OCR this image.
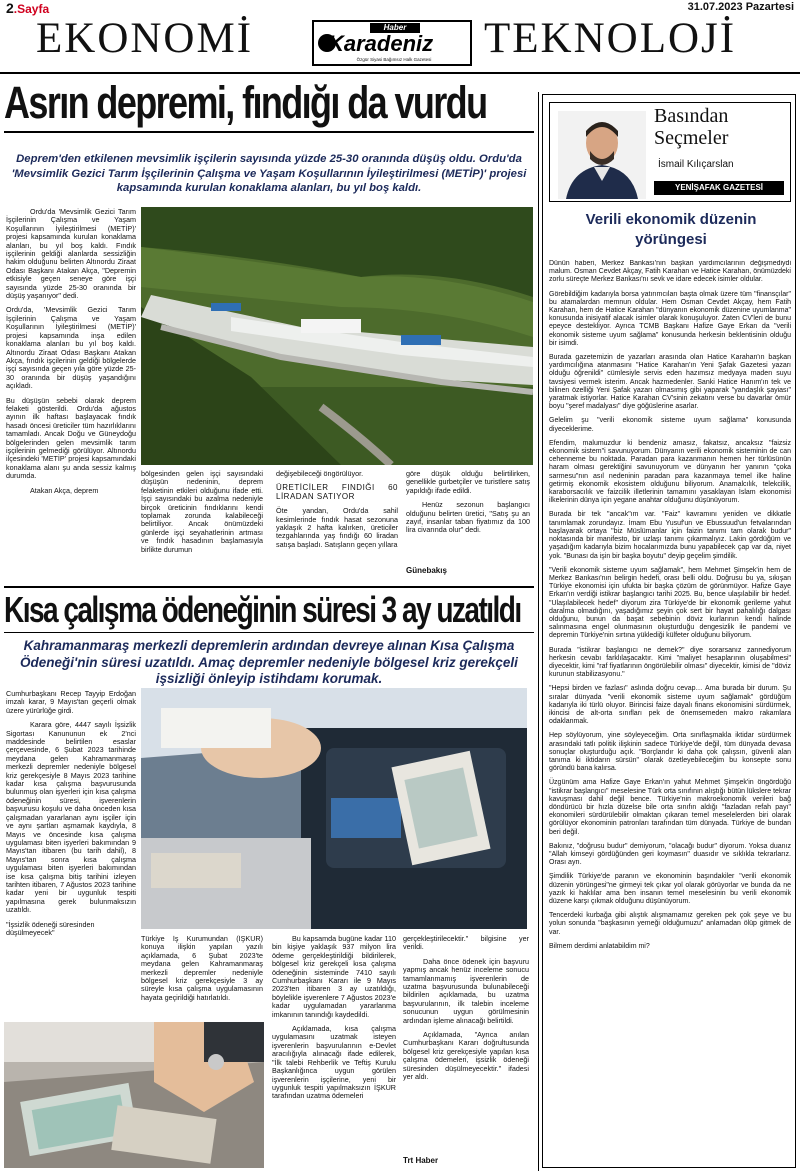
2.Sayfa	31.07.2023 Pazartesi
EKONOMİ	TEKNOLOJİ
Haber
Karadeniz
Özgür Siyasi Bağımsız Halk Gazetesi
Asrın depremi, fındığı da vurdu
Deprem'den etkilenen mevsimlik işçilerin sayısında yüzde 25-30 oranında düşüş oldu. Ordu'da 'Mevsimlik Gezici Tarım İşçilerinin Çalışma ve Yaşam Koşullarının İyileştirilmesi (METİP)' projesi kapsamında kurulan konaklama alanları, bu yıl boş kaldı.

Ordu'da 'Mevsimlik Gezici Tarım İşçilerinin Çalışma ve Yaşam Koşullarının İyileştirilmesi (METİP)' projesi kapsamında kurulan konaklama alanları, bu yıl boş kaldı. Fındık işçilerinin geldiği alanlarda sessizliğin hakim olduğunu belirten Altınordu Ziraat Odası Başkanı Atakan Akça, "Depremin etkisiyle geçen seneye göre işçi sayısında yüzde 25-30 oranında bir düşüş yaşanıyor" dedi.

Ordu'da, 'Mevsimlik Gezici Tarım İşçilerinin Çalışma ve Yaşam Koşullarının İyileştirilmesi (METİP)' projesi kapsamında inşa edilen konaklama alanları bu yıl boş kaldı. Altınordu Ziraat Odası Başkanı Atakan Akça, fındık işçilerinin geldiği bölgelerde işçi sayısında geçen yıla göre yüzde 25-30 oranında bir düşüş yaşandığını açıkladı.

Bu düşüşün sebebi olarak deprem felaketi gösterildi. Ordu'da ağustos ayının ilk haftası başlayacak fındık hasadı öncesi üreticiler tüm hazırlıklarını tamamladı. Ancak Doğu ve Güneydoğu bölgelerinden gelen mevsimlik tarım işçilerinin gelmediği görülüyor. Altınordu ilçesindeki 'METİP' projesi kapsamındaki konaklama alanı şu anda sessiz kalmış durumda.

Atakan Akça, deprem

bölgesinden gelen işçi sayısındaki düşüşün nedeninin, deprem felaketinin etkileri olduğunu ifade etti. İşçi sayısındaki bu azalma nedeniyle birçok üreticinin fındıklarını kendi toplamak zorunda kalabileceği belirtiliyor. Ancak önümüzdeki günlerde işçi seyahatlerinin artması ve fındık hasadının başlamasıyla birlikte durumun

değişebileceği öngörülüyor.

ÜRETİCİLER FINDIĞI 60 LİRADAN SATIYOR

Öte yandan, Ordu'da sahil kesimlerinde fındık hasat sezonuna yaklaşık 2 hafta kalırken, üreticiler tezgahlarında yaş fındığı 60 liradan satışa başladı. Satışların geçen yıllara

göre düşük olduğu belirtilirken, genellikle gurbetçiler ve turistlere satış yapıldığı ifade edildi.

Henüz sezonun başlangıcı olduğunu belirten üretici, "Satış şu an zayıf, insanlar taban fiyatımız da 100 lira civarında olur" dedi.

Günebakış
Kısa çalışma ödeneğinin süresi 3 ay uzatıldı
Kahramanmaraş merkezli depremlerin ardından devreye alınan Kısa Çalışma Ödeneği'nin süresi uzatıldı. Amaç depremler nedeniyle bölgesel kriz gerekçeli işsizliği önleyip istihdamı korumak.

Cumhurbaşkanı Recep Tayyip Erdoğan imzalı karar, 9 Mayıs'tan geçerli olmak üzere yürürlüğe girdi.

Karara göre, 4447 sayılı İşsizlik Sigortası Kanununun ek 2'nci maddesinde belirtilen esaslar çerçevesinde, 6 Şubat 2023 tarihinde meydana gelen Kahramanmaraş merkezli depremler nedeniyle bölgesel kriz gerekçesiyle 8 Mayıs 2023 tarihine kadar kısa çalışma başvurusunda bulunmuş olan işyerleri için kısa çalışma ödeneğinin süresi, işverenlerin başvurusu koşulu ve daha önceden kısa çalışmadan yararlanan aynı işçiler için ve aynı şartları aşmamak kaydıyla, 8 Mayıs ve öncesinde kısa çalışma uygulaması biten işyerleri bakımından 9 Mayıs'tan itibaren (bu tarih dahil), 8 Mayıs'tan sonra kısa çalışma uygulaması biten işyerleri bakımından ise kısa çalışma bitiş tarihini izleyen tarihten itibaren, 7 Ağustos 2023 tarihine kadar yeni bir uygunluk tespiti yapılmasına gerek bulunmaksızın uzatıldı.

"İşsizlik ödeneği süresinden düşülmeyecek"

Türkiye İş Kurumundan (İŞKUR) konuya ilişkin yapılan yazılı açıklamada, 6 Şubat 2023'te meydana gelen Kahramanmaraş merkezli depremler nedeniyle bölgesel kriz gerekçesiyle 3 ay süreyle kısa çalışma uygulamasının hayata geçirildiği hatırlatıldı.

Bu kapsamda bugüne kadar 110 bin kişiye yaklaşık 937 milyon lira ödeme gerçekleştirildiği bildirilerek, bölgesel kriz gerekçeli kısa çalışma ödeneğinin sisteminde 7410 sayılı Cumhurbaşkanı Kararı ile 9 Mayıs 2023'ten itibaren 3 ay uzatıldığı, böylelikle işverenlere 7 Ağustos 2023'e kadar uygulamadan yararlanma imkanının tanındığı kaydedildi.

Açıklamada, kısa çalışma uygulamasını uzatmak isteyen işverenlerin başvurularının e-Devlet aracılığıyla alınacağı ifade edilerek, "İlk talebi Rehberlik ve Teftiş Kurulu Başkanlığınca uygun görülen işverenlerin işçilerine, yeni bir uygunluk tespiti yapılmaksızın İŞKUR tarafından uzatma ödemeleri

gerçekleştirilecektir." bilgisine yer verildi.

Daha önce ödenek için başvuru yapmış ancak henüz inceleme sonucu tamamlanmamış işverenlerin de uzatma başvurusunda bulunabileceği bildirilen açıklamada, bu uzatma başvurularının, ilk talebin inceleme sonucunun uygun görülmesinin ardından işleme alınacağı belirtildi.

Açıklamada, "Ayrıca anılan Cumhurbaşkanı Kararı doğrultusunda bölgesel kriz gerekçesiyle yapılan kısa çalışma ödemeleri, işsizlik ödeneği süresinden düşülmeyecektir." ifadesi yer aldı.

Trt Haber
Basından
Seçmeler
İsmail Kılıçarslan
YENİŞAFAK GAZETESİ
Verili ekonomik düzenin yörüngesi

Dünün haberi, Merkez Bankası'nın başkan yardımcılarının değişmediydi malum. Osman Cevdet Akçay, Fatih Karahan ve Hatice Karahan, önümüzdeki zorlu süreçte Merkez Bankası'nı sevk ve idare edecek isimler oldular.

Görebildiğim kadarıyla borsa yatırımcıları başta olmak üzere tüm "finansçılar" bu atamalardan memnun oldular. Hem Osman Cevdet Akçay, hem Fatih Karahan, hem de Hatice Karahan "dünyanın ekonomik düzenine uyumlanma" konusunda inisiyatif alacak isimler olarak konuşuluyor. Zaten CV'leri de bunu epeyce destekliyor. Ayrıca TCMB Başkanı Hafize Gaye Erkan da "verili ekonomik sisteme uyum sağlama" konusunda herkesin beklentisinin olduğu bir isimdi.

Burada gazetemizin de yazarları arasında olan Hatice Karahan'ın başkan yardımcılığına atanmasını "Hatice Karahan'ın Yeni Şafak Gazetesi yazarı olduğu öğrenildi" cümlesiyle servis eden hazımsız medyaya maden suyu tavsiyesi vermek isterim. Ancak hazmedenler. Sanki Hatice Hanım'ın tek ve bilinen özelliği Yeni Şafak yazarı olmasımış gibi yaparak "yandaşlık şayiası" yaratmak istiyorlar. Hatice Karahan CV'sinin zekatını verse bu davarlar ömür boyu "şeref madalyası" diye göğüslerine asarlar.

Gelelim şu "verili ekonomik sisteme uyum sağlama" konusunda diyeceklerime.

Efendim, malumuzdur ki bendeniz amasız, fakatsız, ancaksız "faizsiz ekonomik sistem"i savunuyorum. Dünyanın verili ekonomik sisteminin de can cehenneme bu noktada. Paradan para kazanmanın hemen her türlüsünün haram olması gerektiğini savunuyorum ve dünyanın her yanının "çoka sarmesu"nın asıl nedeninin paradan para kazanmaya temel ilke haline getirmiş ekonomik ekosistem olduğunu biliyorum. Anamalcılık, telekcilik, karaborsacılık ve faizcilik illetlerinin tamamını yasaklayan İslam ekonomisi ilkelerinin dünya için yegane anahtar olduğunu düşünüyorum.

Burada bir tek "ancak"ım var. "Faiz" kavramını yeniden ve dikkatle tanımlamak zorundayız. İmam Ebu Yusuf'un ve Ebussuud'un fetvalarından başlayarak ortaya "biz Müslümanlar için faizin tanımı tam olarak budur" noktasında bir manifesto, bir uzlaşı tanımı çıkarmalıyız. Lakin gördüğüm ve yaşadığım kadarıyla bizim hocalarımızda bunu yapabilecek çap var da, niyet yok. "Bunası da işin bir başka boyutu" deyip geçelim şimdilik.

"Verili ekonomik sisteme uyum sağlamak", hem Mehmet Şimşek'in hem de Merkez Bankası'nın belirgin hedefi, orası belli oldu. Doğrusu bu ya, sıkışan Türkiye ekonomisi için ufukta bir başka çözüm de görünmüyor. Hafize Gaye Erkan'ın verdiği istikrar başlangıcı tarihi 2025. Bu, bence ulaşılabilir bir hedef. "Ulaşılabilecek hedef" diyorum zira Türkiye'de bir ekonomik gerileme yahut daralma olmadığını, yaşadığımız şeyin çok sert bir hayat pahalılığı dalgası olduğunu, bunun da başat sebebinin döviz kurlarının kendi halinde salınmasına engel olunmasının oluşturduğu dengesizlik ile pandemi ve depremin Türkiye'nin sırtına yüklediği külfeter olduğunu biliyorum.

Burada "istikrar başlangıcı ne demek?" diye sorarsanız zannediyorum herkesin cevabı farklılaşacaktır. Kimi "maliyet hesaplarının oluşabilmesi" diyecektir, kimi "raf fiyatlarının öngörülebilir olması" diyecektir, kimisi de "döviz kurunun stabilizasyonu."

"Hepsi birden ve fazlası" aslında doğru cevap… Ama burada bir durum. Şu sıralar dünyada "verili ekonomik sisteme uyum sağlamak" gördüğüm kadarıyla iki türlü oluyor. Birincisi faize dayalı finans ekonomisini sürdürmek, ikincisi de alt-orta sınıfları pek de önemsemeden makro rakamlara odaklanmak.

Hep söylüyorum, yine söyleyeceğim. Orta sınıflaşmakla iktidar sürdürmek arasındaki tatlı politik ilişkinin sadece Türkiye'de değil, tüm dünyada devasa sonuçlar oluşturduğu açık. "Borçlandır ki daha çok çalışsın, güvenli alan tanıma ki iktidarın sürsün" olarak özetleyebileceğim bu konsepte sonu göründü bana kalırsa.

Üzgünüm ama Hafize Gaye Erkan'ın yahut Mehmet Şimşek'in öngördüğü "istikrar başlangıcı" meselesine Türk orta sınıfının alıştığı bütün lükslere tekrar kavuşması dahil değil bence. Türkiye'nin makroekonomik verileri bağ döndürücü bir hızla düzelse bile orta sınıfın aldığı "fazladan refah payı" ekonomileri sürdürülebilir olmaktan çıkaran temel meselelerden biri olarak görülüyor ekonominin patronları tarafından tüm dünyada. Türkiye de bundan beri değil.

Bakınız, "doğrusu budur" demiyorum, "olacağı budur" diyorum. Yoksa duanız "Allah kimseyi gördüğünden geri koymasın" duasıdır ve sıklıkla tekrarlarız. Orası ayrı.

Şimdilik Türkiye'de paranın ve ekonominin başındakiler "verili ekonomik düzenin yörüngesi"ne girmeyi tek çıkar yol olarak görüyorlar ve bunda da ne yazık ki haklılar ama ben insanın temel meselesinin bu verili ekonomik düzene karşı çıkmak olduğunu düşünüyorum.

Tencerdeki kurbağa gibi alıştık alışmamamız gereken pek çok şeye ve bu yolun sonunda "başkasının yemeği olduğumuzu" anlamadan ölüp gitmek de var.

Bilmem derdimi anlatabildim mi?
